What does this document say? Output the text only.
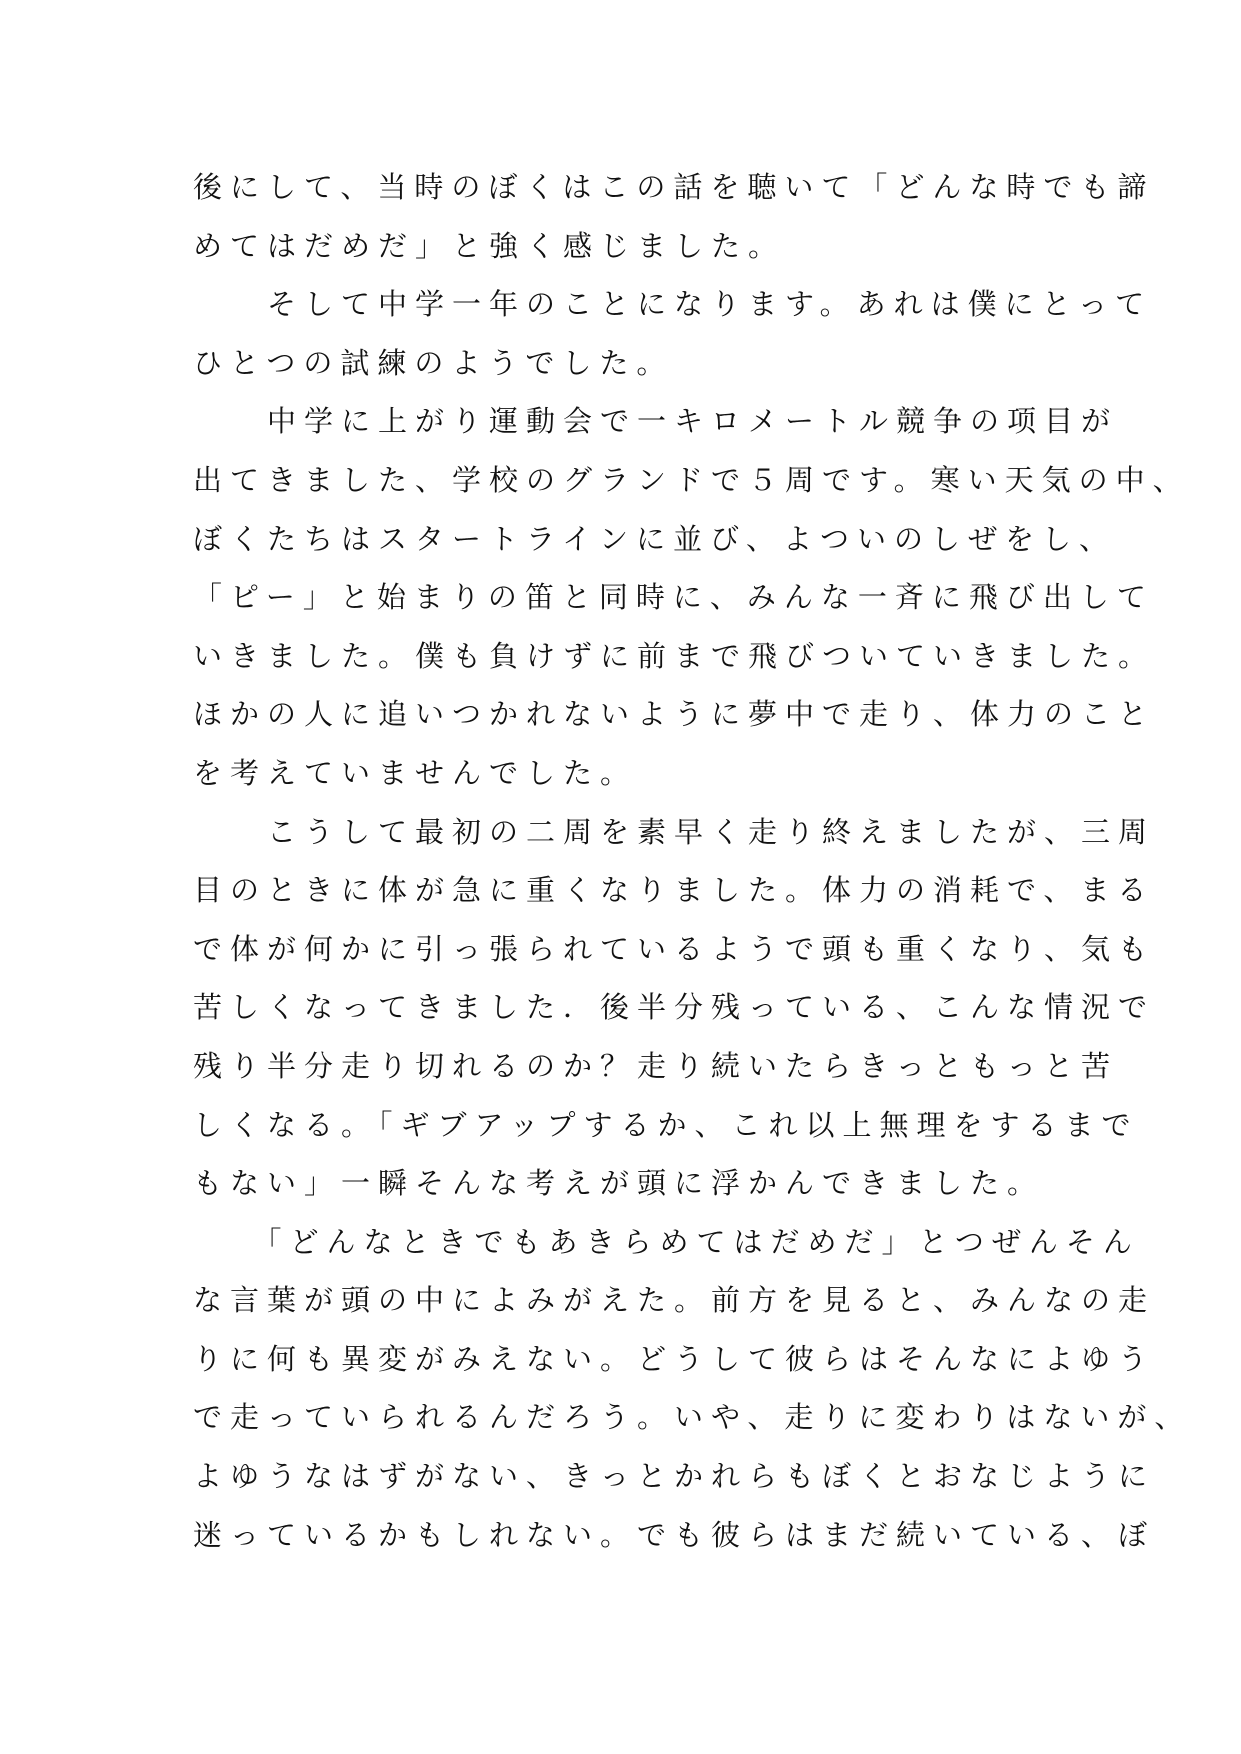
後にして、当時のぼくはこの話を聴いて「どんな時でも諦
めてはだめだ」と強く感じました。
　　そして中学一年のことになります。あれは僕にとって
ひとつの試練のようでした。
　　中学に上がり運動会で一キロメートル競争の项目が
出てきました、学校のグランドで５周です。寒い天気の中、
ぼくたちはスタートラインに並び、よついのしぜをし、
「ピー」と始まりの笛と同時に、みんな一斉に飛び出して
いきました。僕も負けずに前まで飛びついていきました。
ほかの人に追いつかれないように夢中で走り、体力のこと
を考えていませんでした。
　　こうして最初の二周を素早く走り終えましたが、三周
目のときに体が急に重くなりました。体力の消耗で、まる
で体が何かに引っ張られているようで頭も重くなり、気も
苦しくなってきました．後半分残っている、こんな情況で
残り半分走り切れるのか？走り続いたらきっともっと苦
しくなる。「ギブアップするか、これ以上無理をするまで
もない」一瞬そんな考えが頭に浮かんできました。
　　「どんなときでもあきらめてはだめだ」とつぜんそん
な言葉が頭の中によみがえた。前方を見ると、みんなの走
りに何も異変がみえない。どうして彼らはそんなによゆう
で走っていられるんだろう。いや、走りに変わりはないが、
よゆうなはずがない、きっとかれらもぼくとおなじように
迷っているかもしれない。でも彼らはまだ続いている、ぼ
